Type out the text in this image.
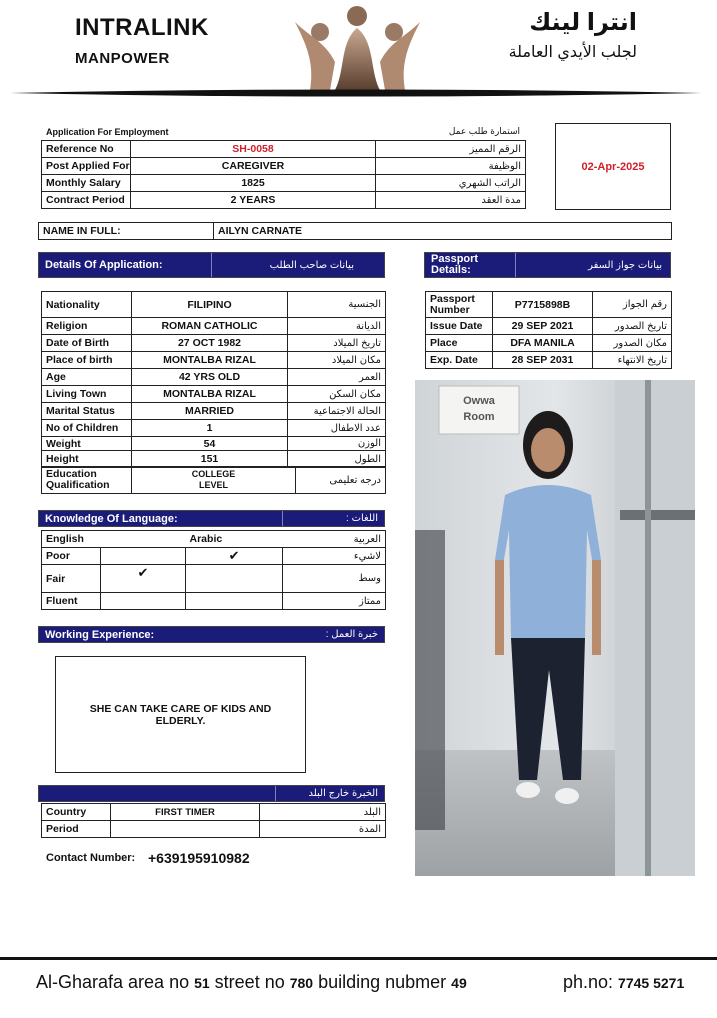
INTRALINK
MANPOWER
انترا لينك
لجلب الأيدي العاملة
Application For Employment	استمارة طلب عمل
Reference No	SH-0058	الرقم المميز
Post Applied For	CAREGIVER	الوظيفة
Monthly Salary	1825	الراتب الشهري
Contract Period	2 YEARS	مدة العقد
02-Apr-2025
NAME IN FULL:	AILYN CARNATE
Details Of Application:	بيانات صاحب الطلب	Passport Details:	بيانات جواز السفر
Nationality	FILIPINO	الجنسية
Religion	ROMAN CATHOLIC	الديانة
Date of Birth	27 OCT 1982	تاريخ الميلاد
Place of birth	MONTALBA RIZAL	مكان الميلاد
Age	42 YRS OLD	العمر
Living Town	MONTALBA RIZAL	مكان السكن
Marital Status	MARRIED	الحالة الاجتماعية
No of Children	1	عدد الاطفال
Weight	54	الوزن
Height	151	الطول
Education Qualification	COLLEGE LEVEL	درجه تعليمى
Passport Number	P7715898B	رقم الجواز
Issue Date	29 SEP 2021	تاريخ الصدور
Place	DFA MANILA	مكان الصدور
Exp. Date	28 SEP 2031	تاريخ الانتهاء
Owwa
Room
Knowledge Of Language:	اللغات :
English		Arabic	العربية
Poor		✔	لاشيء
Fair	✔		وسط
Fluent			ممتاز
Working Experience:	خبرة العمل :
SHE CAN TAKE CARE OF KIDS AND ELDERLY.
الخبرة خارج البلد
Country	FIRST TIMER	البلد
Period		المدة
Contact Number: +639195910982
Al-Gharafa area no 51 street no 780 building nubmer 49	ph.no: 7745 5271
